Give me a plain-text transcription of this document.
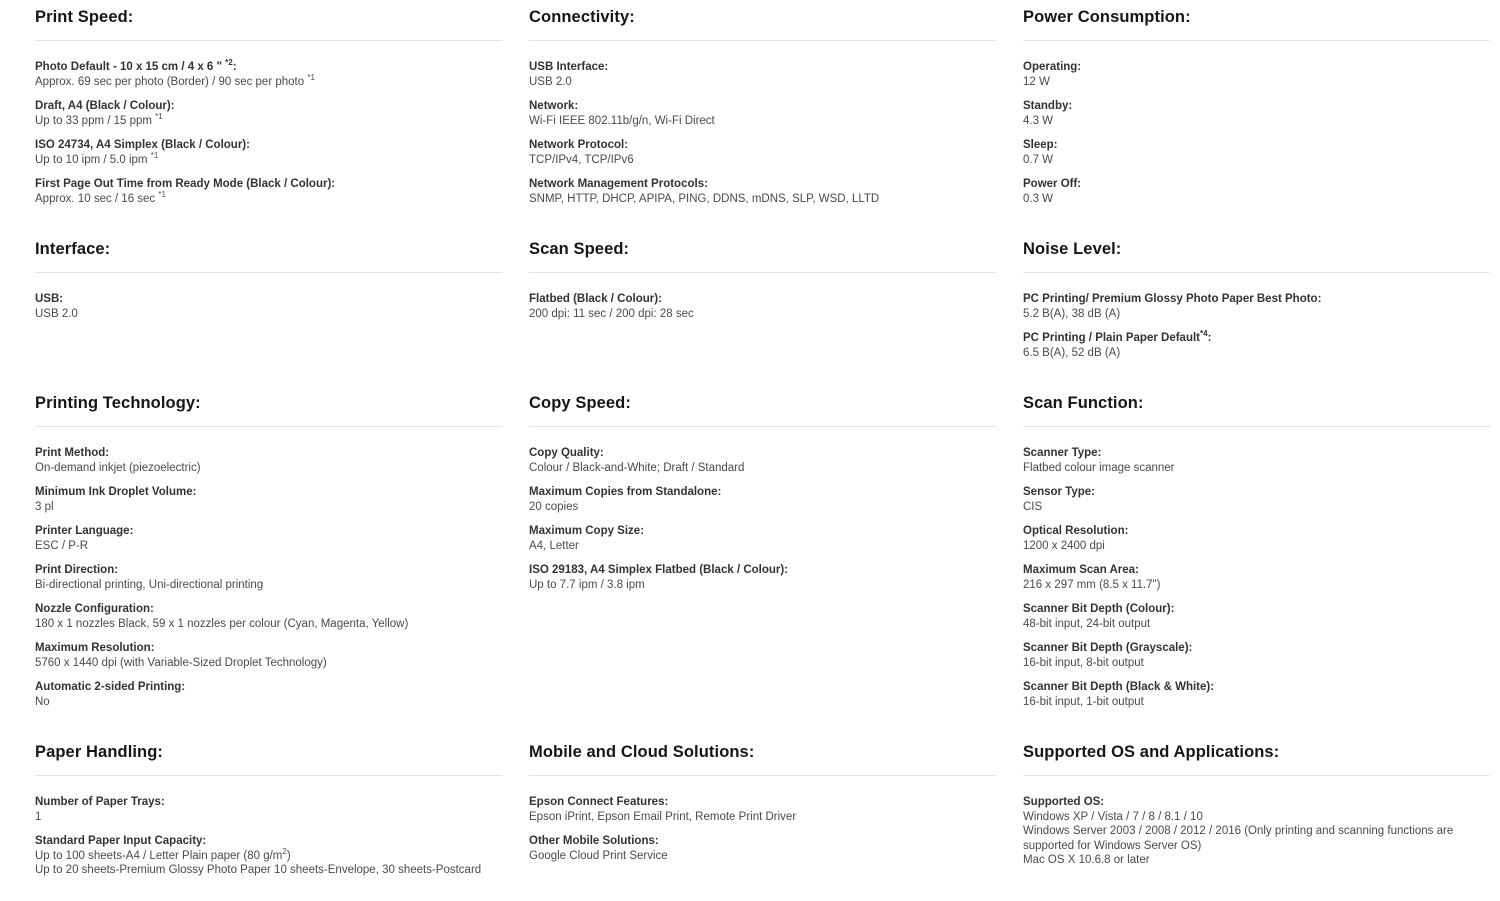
Print Speed:
Photo Default - 10 x 15 cm / 4 x 6 " $^{*2}$:
Approx. 69 sec per photo (Border) / 90 sec per photo $^{*1}$
Draft, A4 (Black / Colour):
Up to 33 ppm / 15 ppm $^{*1}$
ISO 24734, A4 Simplex (Black / Colour):
Up to 10 ipm / 5.0 ipm $^{*1}$
First Page Out Time from Ready Mode (Black / Colour):
Approx. 10 sec / 16 sec $^{*1}$
Connectivity:
USB Interface:
USB 2.0
Network:
Wi-Fi IEEE 802.11b/g/n, Wi-Fi Direct
Network Protocol:
TCP/IPv4, TCP/IPv6
Network Management Protocols:
SNMP, HTTP, DHCP, APIPA, PING, DDNS, mDNS, SLP, WSD, LLTD
Power Consumption:
Operating:
12 W
Standby:
4.3 W
Sleep:
0.7 W
Power Off:
0.3 W
Interface:
USB:
USB 2.0
Scan Speed:
Flatbed (Black / Colour):
200 dpi: 11 sec / 200 dpi: 28 sec
Noise Level:
PC Printing/ Premium Glossy Photo Paper Best Photo:
5.2 B(A), 38 dB (A)
PC Printing / Plain Paper Default$^{*4}$:
6.5 B(A), 52 dB (A)
Printing Technology:
Print Method:
On-demand inkjet (piezoelectric)
Minimum Ink Droplet Volume:
3 pl
Printer Language:
ESC / P-R
Print Direction:
Bi-directional printing, Uni-directional printing
Nozzle Configuration:
180 x 1 nozzles Black, 59 x 1 nozzles per colour (Cyan, Magenta, Yellow)
Maximum Resolution:
5760 x 1440 dpi (with Variable-Sized Droplet Technology)
Automatic 2-sided Printing:
No
Copy Speed:
Copy Quality:
Colour / Black-and-White; Draft / Standard
Maximum Copies from Standalone:
20 copies
Maximum Copy Size:
A4, Letter
ISO 29183, A4 Simplex Flatbed (Black / Colour):
Up to 7.7 ipm / 3.8 ipm
Scan Function:
Scanner Type:
Flatbed colour image scanner
Sensor Type:
CIS
Optical Resolution:
1200 x 2400 dpi
Maximum Scan Area:
216 x 297 mm (8.5 x 11.7")
Scanner Bit Depth (Colour):
48-bit input, 24-bit output
Scanner Bit Depth (Grayscale):
16-bit input, 8-bit output
Scanner Bit Depth (Black & White):
16-bit input, 1-bit output
Paper Handling:
Number of Paper Trays:
1
Standard Paper Input Capacity:
Up to 100 sheets-A4 / Letter Plain paper (80 g/m$^2$)
Up to 20 sheets-Premium Glossy Photo Paper 10 sheets-Envelope, 30 sheets-Postcard
Mobile and Cloud Solutions:
Epson Connect Features:
Epson iPrint, Epson Email Print, Remote Print Driver
Other Mobile Solutions:
Google Cloud Print Service
Supported OS and Applications:
Supported OS:
Windows XP / Vista / 7 / 8 / 8.1 / 10
Windows Server 2003 / 2008 / 2012 / 2016 (Only printing and scanning functions are supported for Windows Server OS)
Mac OS X 10.6.8 or later
